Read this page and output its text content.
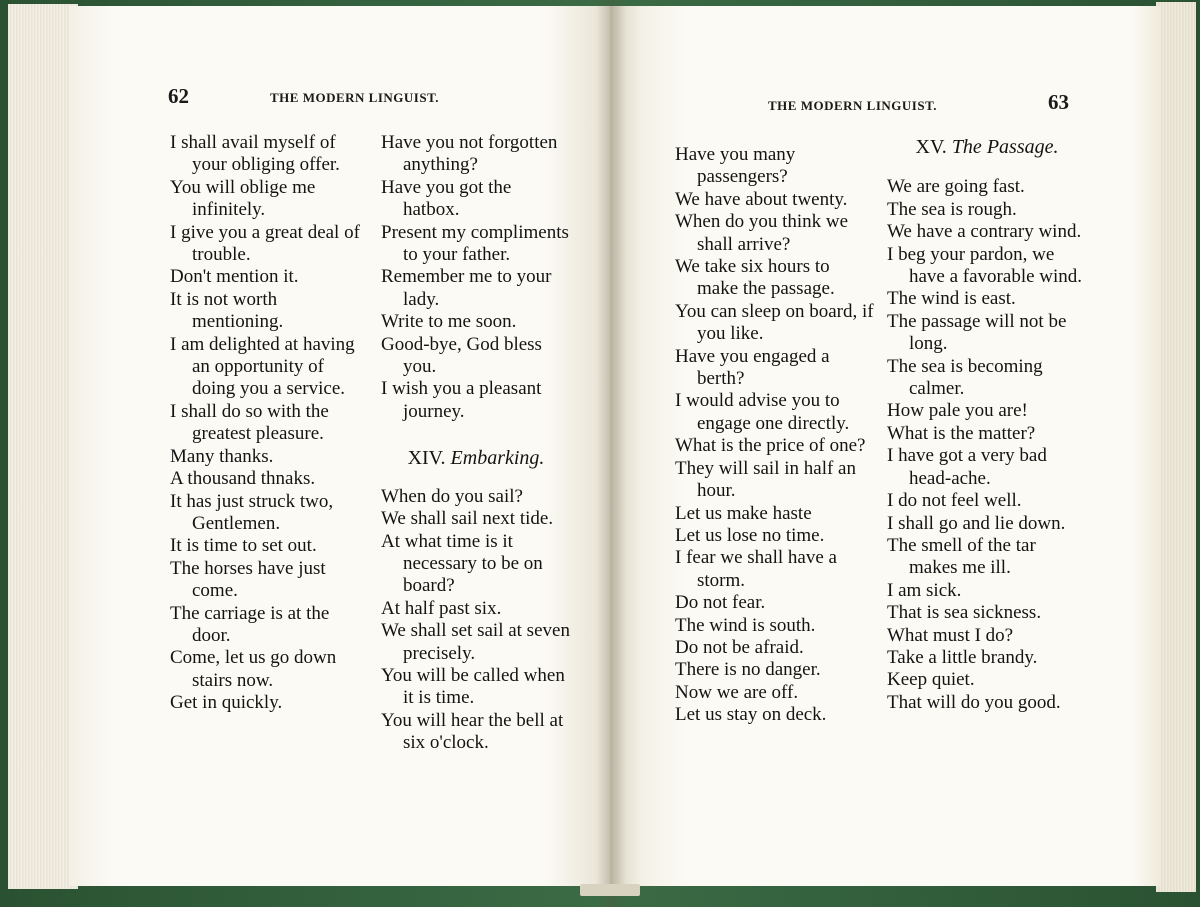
62	THE MODERN LINGUIST.

I shall avail myself of your obliging offer.

You will oblige me infinitely.

I give you a great deal of trouble.

Don't mention it.

It is not worth mentioning.

I am delighted at having an opportunity of doing you a service.

I shall do so with the greatest pleasure.

Many thanks.

A thousand thnaks.

It has just struck two, Gentlemen.

It is time to set out.

The horses have just come.

The carriage is at the door.

Come, let us go down stairs now.

Get in quickly.

Have you not forgotten anything?

Have you got the hatbox.

Present my compliments to your father.

Remember me to your lady.

Write to me soon.

Good-bye, God bless you.

I wish you a pleasant journey.

XIV. Embarking.

When do you sail?

We shall sail next tide.

At what time is it necessary to be on board?

At half past six.

We shall set sail at seven precisely.

You will be called when it is time.

You will hear the bell at six o'clock.

THE MODERN LINGUIST.	63

Have you many passengers?

We have about twenty.

When do you think we shall arrive?

We take six hours to make the passage.

You can sleep on board, if you like.

Have you engaged a berth?

I would advise you to engage one directly.

What is the price of one?

They will sail in half an hour.

Let us make haste

Let us lose no time.

I fear we shall have a storm.

Do not fear.

The wind is south.

Do not be afraid.

There is no danger.

Now we are off.

Let us stay on deck.

XV. The Passage.

We are going fast.

The sea is rough.

We have a contrary wind.

I beg your pardon, we have a favorable wind.

The wind is east.

The passage will not be long.

The sea is becoming calmer.

How pale you are!

What is the matter?

I have got a very bad head-ache.

I do not feel well.

I shall go and lie down.

The smell of the tar makes me ill.

I am sick.

That is sea sickness.

What must I do?

Take a little brandy.

Keep quiet.

That will do you good.
